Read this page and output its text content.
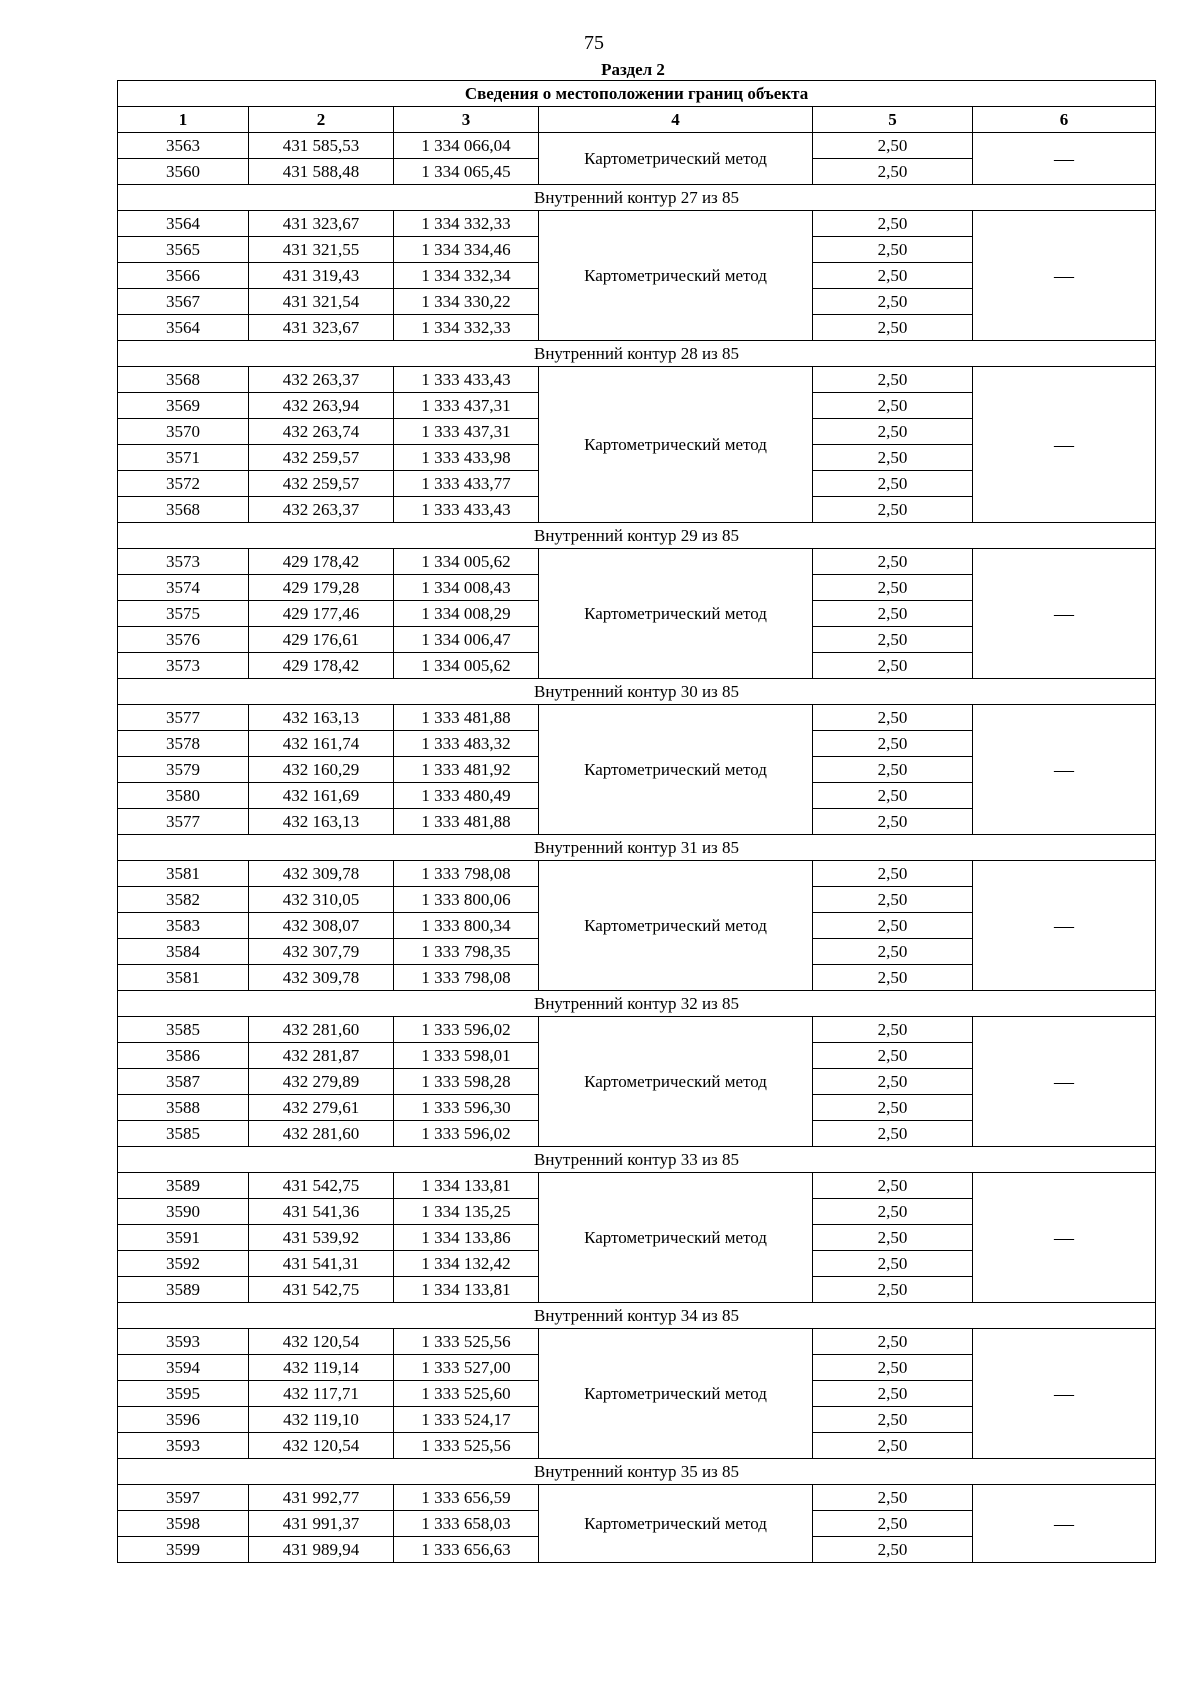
75
Раздел 2
Сведения о местоположении границ объекта					
1	2	3	4	5	6
3563	431 585,53	1 334 066,04	Картометрический метод	2,50	—
3560	431 588,48	1 334 065,45		2,50	
Внутренний контур 27 из 85					
3564	431 323,67	1 334 332,33	Картометрический метод	2,50	—
3565	431 321,55	1 334 334,46		2,50	
3566	431 319,43	1 334 332,34		2,50	
3567	431 321,54	1 334 330,22		2,50	
3564	431 323,67	1 334 332,33		2,50	
Внутренний контур 28 из 85					
3568	432 263,37	1 333 433,43	Картометрический метод	2,50	—
3569	432 263,94	1 333 437,31		2,50	
3570	432 263,74	1 333 437,31		2,50	
3571	432 259,57	1 333 433,98		2,50	
3572	432 259,57	1 333 433,77		2,50	
3568	432 263,37	1 333 433,43		2,50	
Внутренний контур 29 из 85					
3573	429 178,42	1 334 005,62	Картометрический метод	2,50	—
3574	429 179,28	1 334 008,43		2,50	
3575	429 177,46	1 334 008,29		2,50	
3576	429 176,61	1 334 006,47		2,50	
3573	429 178,42	1 334 005,62		2,50	
Внутренний контур 30 из 85					
3577	432 163,13	1 333 481,88	Картометрический метод	2,50	—
3578	432 161,74	1 333 483,32		2,50	
3579	432 160,29	1 333 481,92		2,50	
3580	432 161,69	1 333 480,49		2,50	
3577	432 163,13	1 333 481,88		2,50	
Внутренний контур 31 из 85					
3581	432 309,78	1 333 798,08	Картометрический метод	2,50	—
3582	432 310,05	1 333 800,06		2,50	
3583	432 308,07	1 333 800,34		2,50	
3584	432 307,79	1 333 798,35		2,50	
3581	432 309,78	1 333 798,08		2,50	
Внутренний контур 32 из 85					
3585	432 281,60	1 333 596,02	Картометрический метод	2,50	—
3586	432 281,87	1 333 598,01		2,50	
3587	432 279,89	1 333 598,28		2,50	
3588	432 279,61	1 333 596,30		2,50	
3585	432 281,60	1 333 596,02		2,50	
Внутренний контур 33 из 85					
3589	431 542,75	1 334 133,81	Картометрический метод	2,50	—
3590	431 541,36	1 334 135,25		2,50	
3591	431 539,92	1 334 133,86		2,50	
3592	431 541,31	1 334 132,42		2,50	
3589	431 542,75	1 334 133,81		2,50	
Внутренний контур 34 из 85					
3593	432 120,54	1 333 525,56	Картометрический метод	2,50	—
3594	432 119,14	1 333 527,00		2,50	
3595	432 117,71	1 333 525,60		2,50	
3596	432 119,10	1 333 524,17		2,50	
3593	432 120,54	1 333 525,56		2,50	
Внутренний контур 35 из 85					
3597	431 992,77	1 333 656,59	Картометрический метод	2,50	—
3598	431 991,37	1 333 658,03		2,50	
3599	431 989,94	1 333 656,63		2,50	
